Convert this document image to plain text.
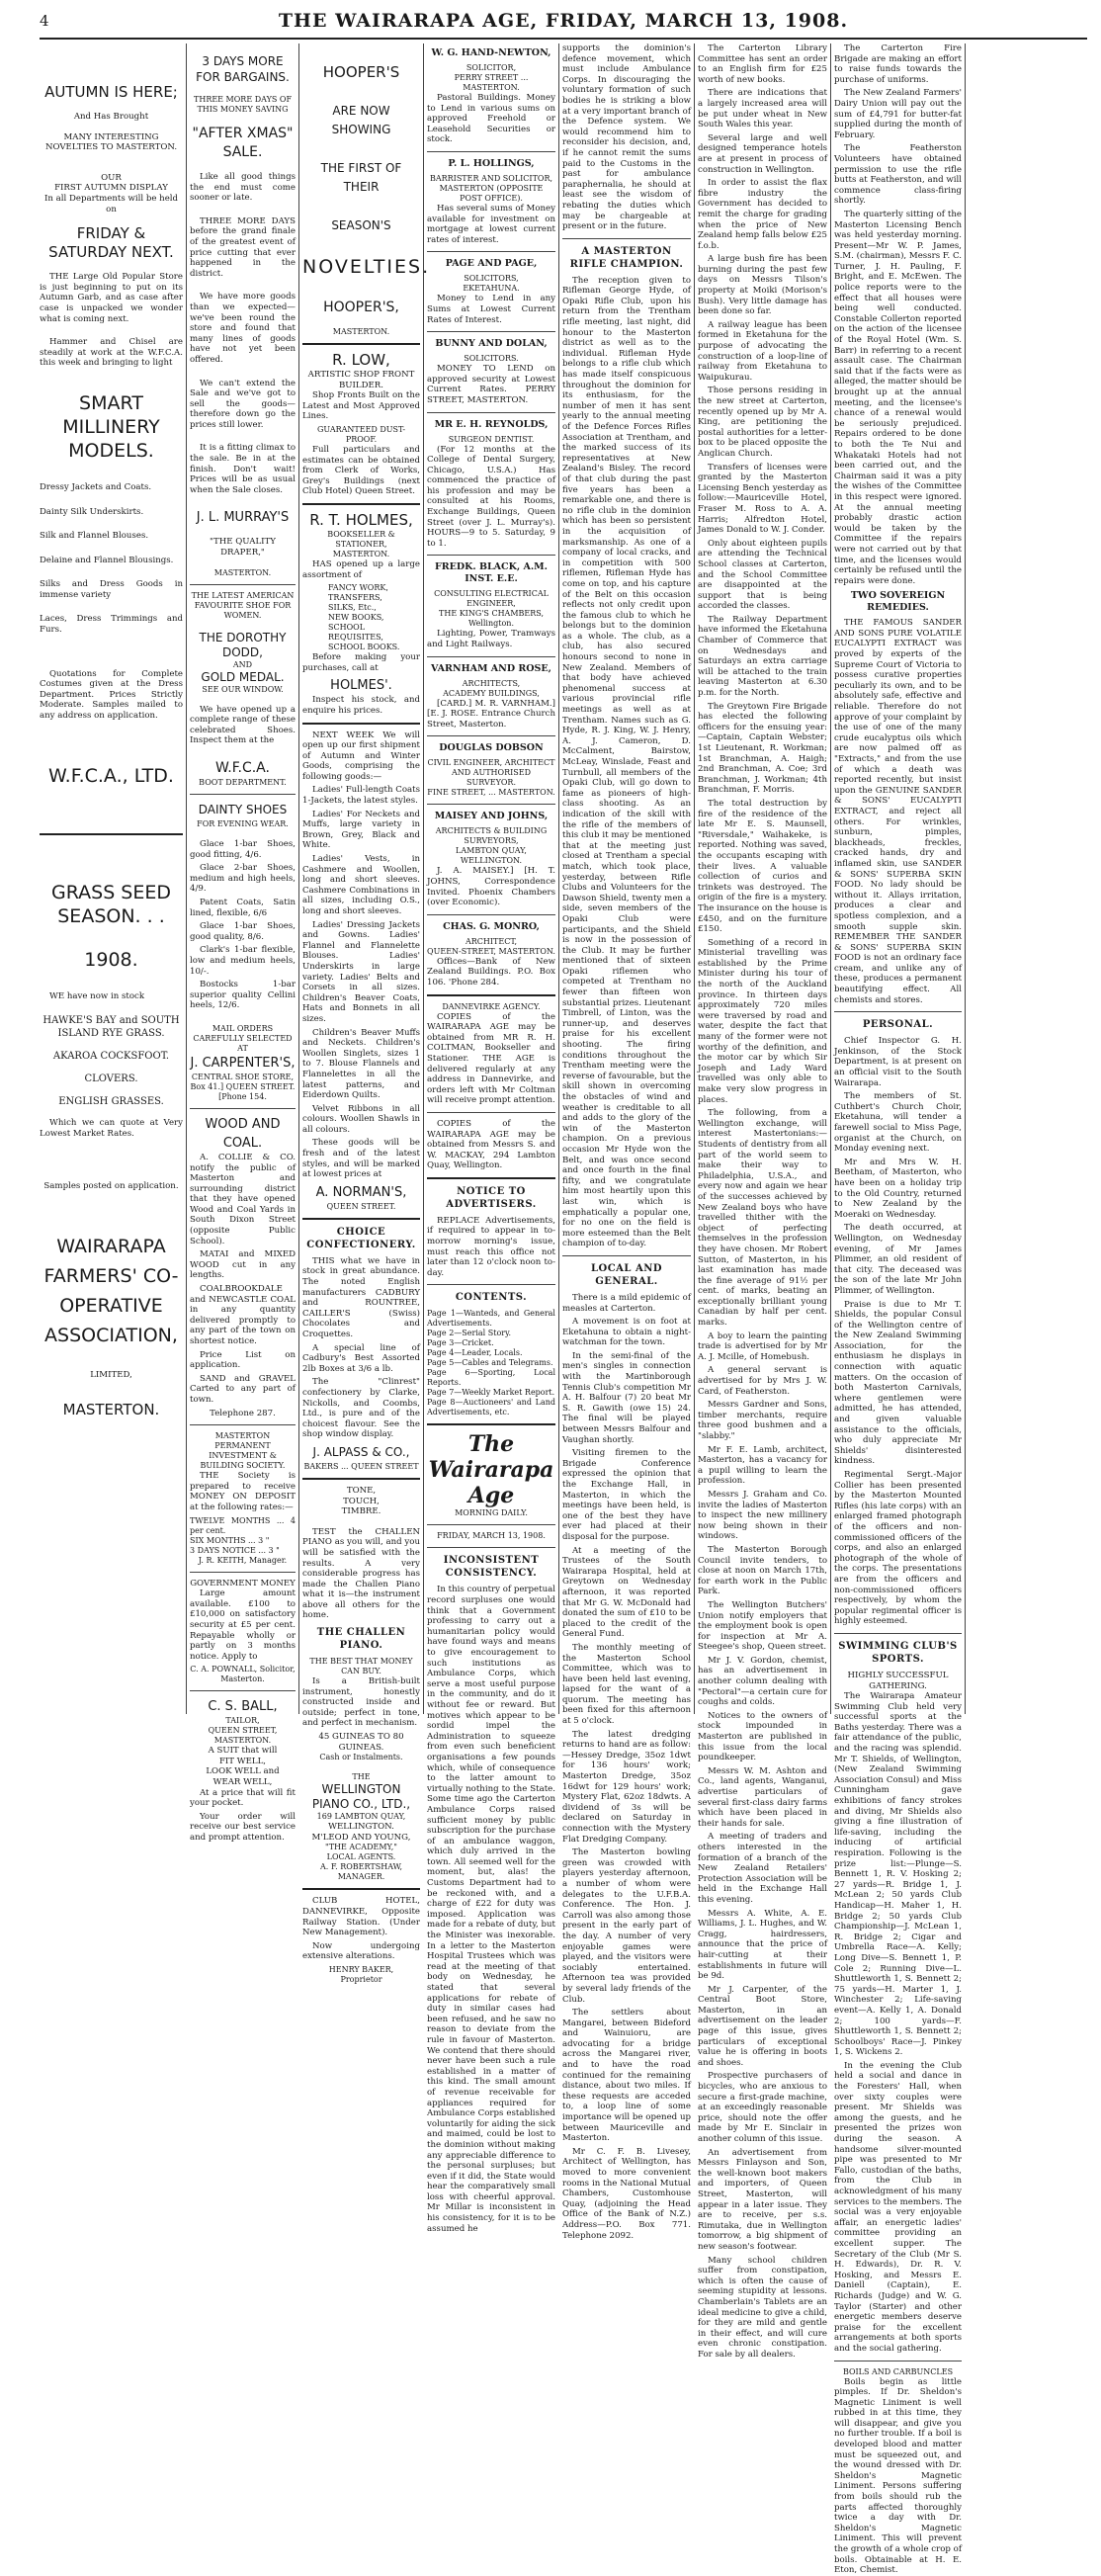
4	THE WAIRARAPA AGE, FRIDAY, MARCH 13, 1908.
AUTUMN IS HERE;
And Has Brought
MANY INTERESTING NOVELTIES TO MASTERTON.
OUR
FIRST AUTUMN DISPLAY
In all Departments will be held on
FRIDAY & SATURDAY NEXT.

THE Large Old Popular Store is just beginning to put on its Autumn Garb, and as case after case is unpacked we wonder what is coming next.

Hammer and Chisel are steadily at work at the W.F.C.A. this week and bringing to light

SMART MILLINERY MODELS.
Dressy Jackets and Coats.
Dainty Silk Underskirts.
Silk and Flannel Blouses.
Delaine and Flannel Blousings.
Silks and Dress Goods in immense variety
Laces, Dress Trimmings and Furs.

Quotations for Complete Costumes given at the Dress Department. Prices Strictly Moderate. Samples mailed to any address on application.

W.F.C.A., LTD.
GRASS SEED SEASON. . .
1908.

WE have now in stock

HAWKE'S BAY and SOUTH ISLAND RYE GRASS.
AKAROA COCKSFOOT.
CLOVERS.
ENGLISH GRASSES.

Which we can quote at Very Lowest Market Rates.

Samples posted on application.
WAIRARAPA FARMERS' CO-OPERATIVE ASSOCIATION,
LIMITED,
MASTERTON.
3 DAYS MORE FOR BARGAINS.
THREE MORE DAYS OF THIS MONEY SAVING
"AFTER XMAS" SALE.

Like all good things the end must come sooner or late.

THREE MORE DAYS before the grand finale of the greatest event of price cutting that ever happened in the district.

We have more goods than we expected—we've been round the store and found that many lines of goods have not yet been offered.

We can't extend the Sale and we've got to sell the goods—therefore down go the prices still lower.

It is a fitting climax to the sale. Be in at the finish. Don't wait! Prices will be as usual when the Sale closes.

J. L. MURRAY'S
"THE QUALITY DRAPER,"
MASTERTON.
THE LATEST AMERICAN FAVOURITE SHOE FOR WOMEN.
THE DOROTHY DODD,
AND
GOLD MEDAL.
SEE OUR WINDOW.

We have opened up a complete range of these celebrated Shoes. Inspect them at the

W.F.C.A.
BOOT DEPARTMENT.
DAINTY SHOES
FOR EVENING WEAR.

Glace 1-bar Shoes, good fitting, 4/6.

Glace 2-bar Shoes, medium and high heels, 4/9.

Patent Coats, Satin lined, flexible, 6/6

Glace 1-bar Shoes, good quality, 8/6.

Clark's 1-bar flexible, low and medium heels, 10/-.

Bostocks 1-bar superior quality Cellini heels, 12/6.

MAIL ORDERS CAREFULLY SELECTED AT
J. CARPENTER'S,
CENTRAL SHOE STORE,
Box 41.] QUEEN STREET. [Phone 154.
WOOD AND COAL.

A. COLLIE & CO. notify the public of Masterton and surrounding district that they have opened Wood and Coal Yards in South Dixon Street (opposite Public School).

MATAI and MIXED WOOD cut in any lengths.

COALBROOKDALE and NEWCASTLE COAL in any quantity delivered promptly to any part of the town on shortest notice.

Price List on application.

SAND and GRAVEL Carted to any part of town.

Telephone 287.
MASTERTON PERMANENT INVESTMENT & BUILDING SOCIETY.

THE Society is prepared to receive MONEY ON DEPOSIT at the following rates:—

TWELVE MONTHS ... 4 per cent.
SIX MONTHS ... 3 "
3 DAYS NOTICE ... 3 "
J. R. KEITH, Manager.
GOVERNMENT MONEY

Large amount available. £100 to £10,000 on satisfactory security at £5 per cent. Repayable wholly or partly on 3 months notice. Apply to

C. A. POWNALL, Solicitor,
Masterton.
C. S. BALL,
TAILOR,
QUEEN STREET, MASTERTON.
A SUIT that will
FIT WELL,
LOOK WELL and
WEAR WELL,

At a price that will fit your pocket.

Your order will receive our best service and prompt attention.

HOOPER'S
ARE NOW SHOWING
THE FIRST OF THEIR
SEASON'S
NOVELTIES.
HOOPER'S,
MASTERTON.
R. LOW,
ARTISTIC SHOP FRONT BUILDER.

Shop Fronts Built on the Latest and Most Approved Lines.

GUARANTEED DUST-PROOF.

Full particulars and estimates can be obtained from Clerk of Works, Grey's Buildings (next Club Hotel) Queen Street.

R. T. HOLMES,
BOOKSELLER & STATIONER,
MASTERTON.

HAS opened up a large assortment of

FANCY WORK,
TRANSFERS,
SILKS, Etc.,
NEW BOOKS,
SCHOOL REQUISITES,
SCHOOL BOOKS.

Before making your purchases, call at

HOLMES'.

Inspect his stock, and enquire his prices.

NEXT WEEK We will open up our first shipment of Autumn and Winter Goods, comprising the following goods:—

Ladies' Full-length Coats 1-Jackets, the latest styles.

Ladies' For Neckets and Muffs, large variety in Brown, Grey, Black and White.

Ladies' Vests, in Cashmere and Woollen, long and short sleeves. Cashmere Combinations in all sizes, including O.S., long and short sleeves.

Ladies' Dressing Jackets and Gowns. Ladies' Flannel and Flannelette Blouses. Ladies' Underskirts in large variety. Ladies' Belts and Corsets in all sizes. Children's Beaver Coats, Hats and Bonnets in all sizes.

Children's Beaver Muffs and Neckets. Children's Woollen Singlets, sizes 1 to 7. Blouse Flannels and Flannelettes in all the latest patterns, and Eiderdown Quilts.

Velvet Ribbons in all colours. Woollen Shawls in all colours.

These goods will be fresh and of the latest styles, and will be marked at lowest prices at

A. NORMAN'S,
QUEEN STREET.
CHOICE CONFECTIONERY.

THIS what we have in stock in great abundance. The noted English manufacturers CADBURY and ROUNTREE, CAILLER'S (Swiss) Chocolates and Croquettes.

A special line of Cadbury's Best Assorted 2lb Boxes at 3/6 a lb.

The "Clinrest" confectionery by Clarke, Nickolls, and Coombs, Ltd., is pure and of the choicest flavour. See the shop window display.

J. ALPASS & CO.,
BAKERS ... QUEEN STREET
TONE,
TOUCH,
TIMBRE.

TEST the CHALLEN PIANO as you will, and you will be satisfied with the results. A very considerable progress has made the Challen Piano what it is—the instrument above all others for the home.

THE CHALLEN PIANO.
THE BEST THAT MONEY CAN BUY.

Is a British-built instrument, honestly constructed inside and outside; perfect in tone, and perfect in mechanism.

45 GUINEAS TO 80 GUINEAS.
Cash or Instalments.
THE
WELLINGTON PIANO CO., LTD.,
169 LAMBTON QUAY,
WELLINGTON.
M'LEOD AND YOUNG,
"THE ACADEMY,"
LOCAL AGENTS.
A. F. ROBERTSHAW,
MANAGER.

CLUB HOTEL, DANNEVIRKE, Opposite Railway Station. (Under New Management).

Now undergoing extensive alterations.

HENRY BAKER,
Proprietor
W. G. HAND-NEWTON,
SOLICITOR,
PERRY STREET ... MASTERTON.

Pastoral Buildings. Money to Lend in various sums on approved Freehold or Leasehold Securities or stock.

P. L. HOLLINGS,
BARRISTER AND SOLICITOR,
MASTERTON (OPPOSITE POST OFFICE).

Has several sums of Money available for investment on mortgage at lowest current rates of interest.

PAGE AND PAGE,
SOLICITORS,
EKETAHUNA.

Money to Lend in any Sums at Lowest Current Rates of Interest.

BUNNY AND DOLAN,
SOLICITORS.

MONEY TO LEND on approved security at Lowest Current Rates. PERRY STREET, MASTERTON.

MR E. H. REYNOLDS,
SURGEON DENTIST.

(For 12 months at the College of Dental Surgery, Chicago, U.S.A.) Has commenced the practice of his profession and may be consulted at his Rooms, Exchange Buildings, Queen Street (over J. L. Murray's). HOURS—9 to 5. Saturday, 9 to 1.

FREDK. BLACK, A.M. INST. E.E.
CONSULTING ELECTRICAL ENGINEER,
THE KING'S CHAMBERS, Wellington.

Lighting, Power, Tramways and Light Railways.

VARNHAM AND ROSE,
ARCHITECTS,
ACADEMY BUILDINGS,

[CARD.] M. R. VARNHAM.] [E. J. ROSE. Entrance Church Street, Masterton.

DOUGLAS DOBSON
CIVIL ENGINEER, ARCHITECT AND AUTHORISED SURVEYOR.
FINE STREET, ... MASTERTON.
MAISEY AND JOHNS,
ARCHITECTS & BUILDING SURVEYORS,
LAMBTON QUAY, WELLINGTON.

J. A. MAISEY.] [H. T. JOHNS, Correspondence Invited. Phoenix Chambers (over Economic).

CHAS. G. MONRO,
ARCHITECT,
QUEEN-STREET, MASTERTON.

Offices—Bank of New Zealand Buildings. P.O. Box 106. 'Phone 284.

DANNEVIRKE AGENCY.

COPIES of the WAIRARAPA AGE may be obtained from MR R. H. COLTMAN, Bookseller and Stationer. THE AGE is delivered regularly at any address in Dannevirke, and orders left with Mr Coltman will receive prompt attention.

COPIES of the WAIRARAPA AGE may be obtained from Messrs S. and W. MACKAY, 294 Lambton Quay, Wellington.

NOTICE TO ADVERTISERS.

REPLACE Advertisements, if required to appear in to-morrow morning's issue, must reach this office not later than 12 o'clock noon to-day.

CONTENTS.
Page 1—Wanteds, and General Advertisements.
Page 2—Serial Story.
Page 3—Cricket.
Page 4—Leader, Locals.
Page 5—Cables and Telegrams.
Page 6—Sporting, Local Reports.
Page 7—Weekly Market Report.
Page 8—Auctioneers' and Land Advertisements, etc.
The Wairarapa Age
MORNING DAILY.
FRIDAY, MARCH 13, 1908.
INCONSISTENT CONSISTENCY.

In this country of perpetual record surpluses one would think that a Government professing to carry out a humanitarian policy would have found ways and means to give encouragement to such institutions as Ambulance Corps, which serve a most useful purpose in the community, and do it without fee or reward. But motives which appear to be sordid impel the Administration to squeeze from even such beneficient organisations a few pounds which, while of consequence to the latter amount to virtually nothing to the State. Some time ago the Carterton Ambulance Corps raised sufficient money by public subscription for the purchase of an ambulance waggon, which duly arrived in the town. All seemed well for the moment, but, alas! the Customs Department had to be reckoned with, and a charge of £22 for duty was imposed. Application was made for a rebate of duty, but the Minister was inexorable. In a letter to the Masterton Hospital Trustees which was read at the meeting of that body on Wednesday, he stated that several applications for rebate of duty in similar cases had been refused, and he saw no reason to deviate from the rule in favour of Masterton. We contend that there should never have been such a rule established in a matter of this kind. The small amount of revenue receivable for appliances required for Ambulance Corps established voluntarily for aiding the sick and maimed, could be lost to the dominion without making any appreciable difference to the personal surpluses; but even if it did, the State would hear the comparatively small loss with cheerful approval. Mr Millar is inconsistent in his consistency, for it is to be assumed he

supports the dominion's defence movement, which must include Ambulance Corps. In discouraging the voluntary formation of such bodies he is striking a blow at a very important branch of the Defence system. We would recommend him to reconsider his decision, and, if he cannot remit the sums paid to the Customs in the past for ambulance paraphernalia, he should at least see the wisdom of rebating the duties which may be chargeable at present or in the future.

A MASTERTON RIFLE CHAMPION.

The reception given to Rifleman George Hyde, of Opaki Rifle Club, upon his return from the Trentham rifle meeting, last night, did honour to the Masterton district as well as to the individual. Rifleman Hyde belongs to a rifle club which has made itself conspicuous throughout the dominion for its enthusiasm, for the number of men it has sent yearly to the annual meeting of the Defence Forces Rifles Association at Trentham, and the marked success of its representatives at New Zealand's Bisley. The record of that club during the past five years has been a remarkable one, and there is no rifle club in the dominion which has been so persistent in the acquisition of marksmanship. As one of a company of local cracks, and in competition with 500 riflemen, Rifleman Hyde has come on top, and his capture of the Belt on this occasion reflects not only credit upon the famous club to which he belongs but to the dominion as a whole. The club, as a club, has also secured honours second to none in New Zealand. Members of that body have achieved phenomenal success at various provincial rifle meetings as well as at Trentham. Names such as G. Hyde, R. J. King, W. J. Henry, A. J. Cameron, D. McCalment, Bairstow, McLeay, Winslade, Feast and Turnbull, all members of the Opaki Club, will go down to fame as pioneers of high-class shooting. As an indication of the skill with the rifle of the members of this club it may be mentioned that at the meeting just closed at Trentham a special match, which took place, yesterday, between Rifle Clubs and Volunteers for the Dawson Shield, twenty men a side, seven members of the Opaki Club were participants, and the Shield is now in the possession of the Club. It may be further mentioned that of sixteen Opaki riflemen who competed at Trentham no fewer than fifteen won substantial prizes. Lieutenant Timbrell, of Linton, was the runner-up, and deserves praise for his excellent shooting. The firing conditions throughout the Trentham meeting were the reverse of favourable, but the skill shown in overcoming the obstacles of wind and weather is creditable to all and adds to the glory of the win of the Masterton champion. On a previous occasion Mr Hyde won the Belt, and was once second and once fourth in the final fifty, and we congratulate him most heartily upon this last win, which is emphatically a popular one, for no one on the field is more esteemed than the Belt champion of to-day.

LOCAL AND GENERAL.

There is a mild epidemic of measles at Carterton.

A movement is on foot at Eketahuna to obtain a night-watchman for the town.

In the semi-final of the men's singles in connection with the Martinborough Tennis Club's competition Mr A. H. Balfour (7) 20 beat Mr S. R. Gawith (owe 15) 24. The final will be played between Messrs Balfour and Vaughan shortly.

Visiting firemen to the Brigade Conference expressed the opinion that the Exchange Hall, in Masterton, in which the meetings have been held, is one of the best they have ever had placed at their disposal for the purpose.

At a meeting of the Trustees of the South Wairarapa Hospital, held at Greytown on Wednesday afternoon, it was reported that Mr G. W. McDonald had donated the sum of £10 to be placed to the credit of the General Fund.

The monthly meeting of the Masterton School Committee, which was to have been held last evening, lapsed for the want of a quorum. The meeting has been fixed for this afternoon at 5 o'clock.

The latest dredging returns to hand are as follow:—Hessey Dredge, 35oz 1dwt for 136 hours' work; Masterton Dredge, 35oz 16dwt for 129 hours' work; Mystery Flat, 62oz 18dwts. A dividend of 3s will be declared on Saturday in connection with the Mystery Flat Dredging Company.

The Masterton bowling green was crowded with players yesterday afternoon, a number of whom were delegates to the U.F.B.A. Conference. The Hon. J. Carroll was also among those present in the early part of the day. A number of very enjoyable games were played, and the visitors were sociably entertained. Afternoon tea was provided by several lady friends of the Club.

The settlers about Mangarei, between Bideford and Wainuioru, are advocating for a bridge across the Mangarei river, and to have the road continued for the remaining distance, about two miles. If these requests are acceded to, a loop line of some importance will be opened up between Mauriceville and Masterton.

Mr C. F. B. Livesey, Architect of Wellington, has moved to more convenient rooms in the National Mutual Chambers, Customhouse Quay, (adjoining the Head Office of the Bank of N.Z.) Address—P.O. Box 771. Telephone 2092.

The Carterton Library Committee has sent an order to an English firm for £25 worth of new books.

There are indications that a largely increased area will be put under wheat in New South Wales this year.

Several large and well designed temperance hotels are at present in process of construction in Wellington.

In order to assist the flax fibre industry the Government has decided to remit the charge for grading when the price of New Zealand hemp falls below £25 f.o.b.

A large bush fire has been burning during the past few days on Messrs Tilson's property at Moiki (Morison's Bush). Very little damage has been done so far.

A railway league has been formed in Eketahuna for the purpose of advocating the construction of a loop-line of railway from Eketahuna to Waipukurau.

Those persons residing in the new street at Carterton, recently opened up by Mr A. King, are petitioning the postal authorities for a letter-box to be placed opposite the Anglican Church.

Transfers of licenses were granted by the Masterton Licensing Bench yesterday as follow:—Mauriceville Hotel, Fraser M. Ross to A. A. Harris; Alfredton Hotel, James Donald to W. J. Conder.

Only about eighteen pupils are attending the Technical School classes at Carterton, and the School Committee are disappointed at the support that is being accorded the classes.

The Railway Department have informed the Eketahuna Chamber of Commerce that on Wednesdays and Saturdays an extra carriage will be attached to the train leaving Masterton at 6.30 p.m. for the North.

The Greytown Fire Brigade has elected the following officers for the ensuing year:—Captain, Captain Webster; 1st Lieutenant, R. Workman; 1st Branchman, A. Haigh; 2nd Branchman, A. Coe; 3rd Branchman, J. Workman; 4th Branchman, F. Morris.

The total destruction by fire of the residence of the late Mr E. S. Maunsell, "Riversdale," Waihakeke, is reported. Nothing was saved, the occupants escaping with their lives. A valuable collection of curios and trinkets was destroyed. The origin of the fire is a mystery. The insurance on the house is £450, and on the furniture £150.

Something of a record in Ministerial travelling was established by the Prime Minister during his tour of the north of the Auckland province. In thirteen days approximately 720 miles were traversed by road and water, despite the fact that many of the former were not worthy of the definition, and the motor car by which Sir Joseph and Lady Ward travelled was only able to make very slow progress in places.

The following, from a Wellington exchange, will interest Mastertonians:—Students of dentistry from all part of the world seem to make their way to Philadelphia, U.S.A., and every now and again we hear of the successes achieved by New Zealand boys who have travelled thither with the object of perfecting themselves in the profession they have chosen. Mr Robert Sutton, of Masterton, in his last examination has made the fine average of 91½ per cent. of marks, beating an exceptionally brilliant young Canadian by half per cent. marks.

A boy to learn the painting trade is advertised for by Mr A. J. Mcille, of Homebush.

A general servant is advertised for by Mrs J. W. Card, of Featherston.

Messrs Gardner and Sons, timber merchants, require three good bushmen and a "slabby."

Mr F. E. Lamb, architect, Masterton, has a vacancy for a pupil willing to learn the profession.

Messrs J. Graham and Co. invite the ladies of Masterton to inspect the new millinery now being shown in their windows.

The Masterton Borough Council invite tenders, to close at noon on March 17th, for earth work in the Public Park.

The Wellington Butchers' Union notify employers that the employment book is open for inspection at Mr A. Steegee's shop, Queen street.

Mr J. V. Gordon, chemist, has an advertisement in another column dealing with "Pectoral"—a certain cure for coughs and colds.

Notices to the owners of stock impounded in Masterton are published in this issue from the local poundkeeper.

Messrs W. M. Ashton and Co., land agents, Wanganui, advertise particulars of several first-class dairy farms which have been placed in their hands for sale.

A meeting of traders and others interested in the formation of a branch of the New Zealand Retailers' Protection Association will be held in the Exchange Hall this evening.

Messrs A. White, A. E. Williams, J. L. Hughes, and W. Cragg, hairdressers, announce that the price of hair-cutting at their establishments in future will be 9d.

Mr J. Carpenter, of the Central Boot Store, Masterton, in an advertisement on the leader page of this issue, gives particulars of exceptional value he is offering in boots and shoes.

Prospective purchasers of bicycles, who are anxious to secure a first-grade machine, at an exceedingly reasonable price, should note the offer made by Mr E. Sinclair in another column of this issue.

An advertisement from Messrs Finlayson and Son, the well-known boot makers and importers, of Queen Street, Masterton, will appear in a later issue. They are to receive, per s.s. Rimutaka, due in Wellington tomorrow, a big shipment of new season's footwear.

Many school children suffer from constipation, which is often the cause of seeming stupidity at lessons. Chamberlain's Tablets are an ideal medicine to give a child, for they are mild and gentle in their effect, and will cure even chronic constipation. For sale by all dealers.

The Carterton Fire Brigade are making an effort to raise funds towards the purchase of uniforms.

The New Zealand Farmers' Dairy Union will pay out the sum of £4,791 for butter-fat supplied during the month of February.

The Featherston Volunteers have obtained permission to use the rifle butts at Featherston, and will commence class-firing shortly.

The quarterly sitting of the Masterton Licensing Bench was held yesterday morning. Present—Mr W. P. James, S.M. (chairman), Messrs F. C. Turner, J. H. Pauling, F. Bright, and E. McEwen. The police reports were to the effect that all houses were being well conducted. Constable Collerton reported on the action of the licensee of the Royal Hotel (Wm. S. Barr) in referring to a recent assault case. The Chairman said that if the facts were as alleged, the matter should be brought up at the annual meeting, and the licensee's chance of a renewal would be seriously prejudiced. Repairs ordered to be done to both the Te Nui and Whakataki Hotels had not been carried out, and the Chairman said it was a pity the wishes of the Committee in this respect were ignored. At the annual meeting probably drastic action would be taken by the Committee if the repairs were not carried out by that time, and the licenses would certainly be refused until the repairs were done.

TWO SOVEREIGN REMEDIES.

THE FAMOUS SANDER AND SONS PURE VOLATILE EUCALYPTI EXTRACT was proved by experts of the Supreme Court of Victoria to possess curative properties peculiarly its own, and to be absolutely safe, effective and reliable. Therefore do not approve of your complaint by the use of one of the many crude eucalyptus oils which are now palmed off as "Extracts," and from the use of which a death was reported recently, but insist upon the GENUINE SANDER & SONS' EUCALYPTI EXTRACT, and reject all others. For wrinkles, sunburn, pimples, blackheads, freckles, cracked hands, dry and inflamed skin, use SANDER & SONS' SUPERBA SKIN FOOD. No lady should be without it. Allays irritation, produces a clear and spotless complexion, and a smooth supple skin. REMEMBER THE SANDER & SONS' SUPERBA SKIN FOOD is not an ordinary face cream, and unlike any of these, produces a permanent beautifying effect. All chemists and stores.

PERSONAL.

Chief Inspector G. H. Jenkinson, of the Stock Department, is at present on an official visit to the South Wairarapa.

The members of St. Cuthbert's Church Choir, Eketahuna, will tender a farewell social to Miss Page, organist at the Church, on Monday evening next.

Mr and Mrs W. H. Beetham, of Masterton, who have been on a holiday trip to the Old Country, returned to New Zealand by the Moeraki on Wednesday.

The death occurred, at Wellington, on Wednesday evening, of Mr James Plimmer, an old resident of that city. The deceased was the son of the late Mr John Plimmer, of Wellington.

Praise is due to Mr T. Shields, the popular Consul of the Wellington centre of the New Zealand Swimming Association, for the enthusiasm he displays in connection with aquatic matters. On the occasion of both Masterton Carnivals, where gentlemen were admitted, he has attended, and given valuable assistance to the officials, who duly appreciate Mr Shields' disinterested kindness.

Regimental Sergt.-Major Collier has been presented by the Masterton Mounted Rifles (his late corps) with an enlarged framed photograph of the officers and non-commissioned officers of the corps, and also an enlarged photograph of the whole of the corps. The presentations are from the officers and non-commissioned officers respectively, by whom the popular regimental officer is highly esteemed.

SWIMMING CLUB'S SPORTS.
HIGHLY SUCCESSFUL GATHERING.

The Wairarapa Amateur Swimming Club held very successful sports at the Baths yesterday. There was a fair attendance of the public, and the racing was splendid. Mr T. Shields, of Wellington, (New Zealand Swimming Association Consul) and Miss Cunningham gave exhibitions of fancy strokes and diving, Mr Shields also giving a fine illustration of life-saving, including the inducing of artificial respiration. Following is the prize list:—Plunge—S. Bennett 1, R. V. Hosking 2; 27 yards—R. Bridge 1, J. McLean 2; 50 yards Club Handicap—H. Maher 1, H. Bridge 2; 50 yards Club Championship—J. McLean 1, R. Bridge 2; Cigar and Umbrella Race—A. Kelly; Long Dive—S. Bennett 1, P. Cole 2; Running Dive—L. Shuttleworth 1, S. Bennett 2; 75 yards—H. Marter 1, J. Winchester 2; Life-saving event—A. Kelly 1, A. Donald 2; 100 yards—F. Shuttleworth 1, S. Bennett 2; Schoolboys' Race—J. Pinkey 1, S. Wickens 2.

In the evening the Club held a social and dance in the Foresters' Hall, when over sixty couples were present. Mr Shields was among the guests, and he presented the prizes won during the season. A handsome silver-mounted pipe was presented to Mr Fallo, custodian of the baths, from the Club in acknowledgment of his many services to the members. The social was a very enjoyable affair, an energetic ladies' committee providing an excellent supper. The Secretary of the Club (Mr S. H. Edwards), Dr. R. V. Hosking, and Messrs E. Daniell (Captain), E. Richards (Judge) and W. G. Taylor (Starter) and other energetic members deserve praise for the excellent arrangements at both sports and the social gathering.

BOILS AND CARBUNCLES

Boils begin as little pimples. If Dr. Sheldon's Magnetic Liniment is well rubbed in at this time, they will disappear, and give you no further trouble. If a boil is developed blood and matter must be squeezed out, and the wound dressed with Dr. Sheldon's Magnetic Liniment. Persons suffering from boils should rub the parts affected thoroughly twice a day with Dr. Sheldon's Magnetic Liniment. This will prevent the growth of a whole crop of boils. Obtainable at H. E. Eton, Chemist.
